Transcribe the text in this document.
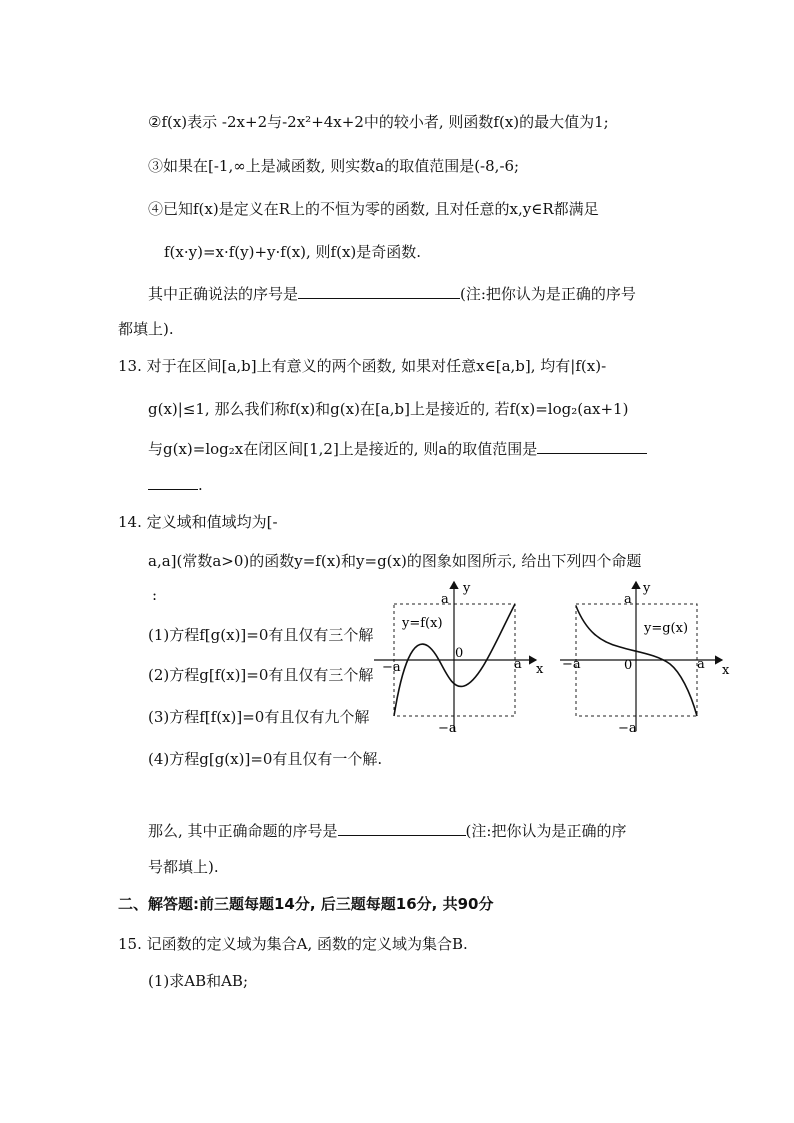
②f(x)表示 -2x+2与-2x²+4x+2中的较小者, 则函数f(x)的最大值为1;
③如果在[-1,∞上是减函数, 则实数a的取值范围是(-8,-6;
④已知f(x)是定义在R上的不恒为零的函数, 且对任意的x,y∈R都满足
f(x·y)=x·f(y)+y·f(x), 则f(x)是奇函数.
其中正确说法的序号是	(注:把你认为是正确的序号
都填上).
13. 对于在区间[a,b]上有意义的两个函数, 如果对任意x∈[a,b], 均有|f(x)-
g(x)|≤1, 那么我们称f(x)和g(x)在[a,b]上是接近的, 若f(x)=log₂(ax+1)
与g(x)=log₂x在闭区间[1,2]上是接近的, 则a的取值范围是
.
14. 定义域和值域均为[-
a,a](常数a>0)的函数y=f(x)和y=g(x)的图象如图所示, 给出下列四个命题
:
(1)方程f[g(x)]=0有且仅有三个解
(2)方程g[f(x)]=0有且仅有三个解
(3)方程f[f(x)]=0有且仅有九个解
(4)方程g[g(x)]=0有且仅有一个解.
y
x
a
−a
−a	a
0
y=f(x)
y
x
a
−a
−a	a
0
y=g(x)
那么, 其中正确命题的序号是	(注:把你认为是正确的序
号都填上).
二、解答题:前三题每题14分, 后三题每题16分, 共90分
15. 记函数的定义域为集合A, 函数的定义域为集合B.
(1)求AB和AB;
